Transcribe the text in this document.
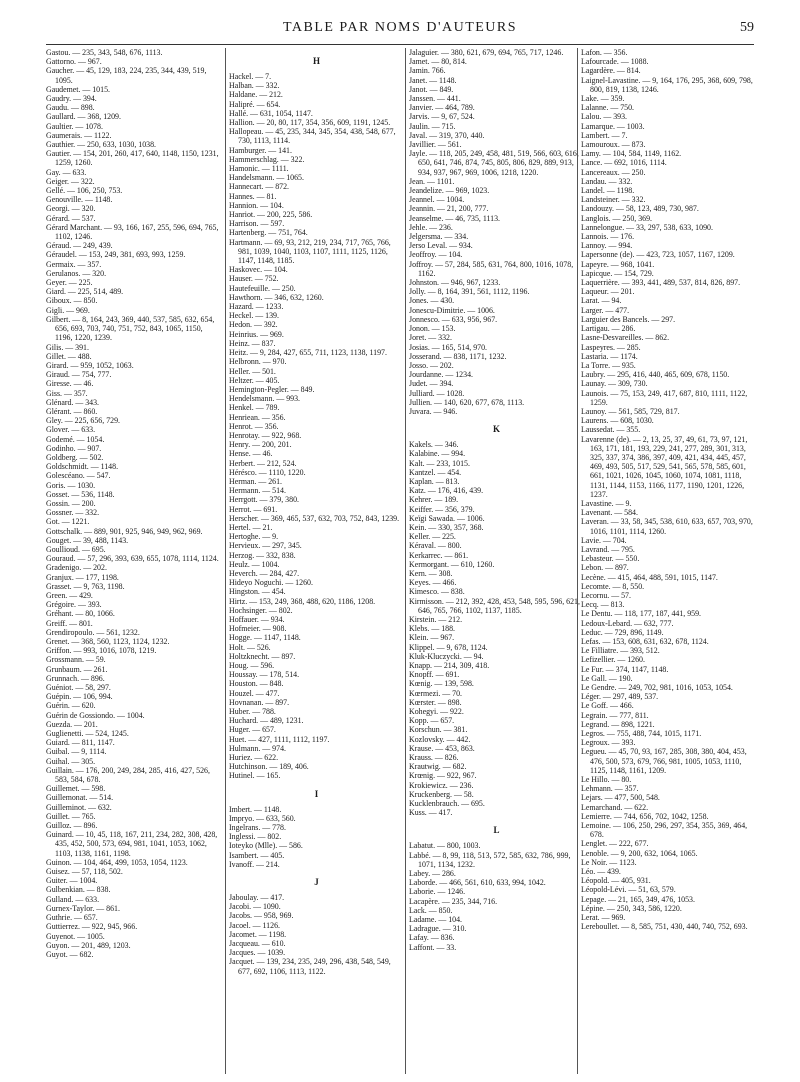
TABLE PAR NOMS D'AUTEURS	59

Gastou. — 235, 343, 548, 676, 1113.

Gattorno. — 967.

Gaucher. — 45, 129, 183, 224, 235, 344, 439, 519, 1095.

Gaudemet. — 1015.

Gaudry. — 394.

Gaudu. — 898.

Gaullard. — 368, 1209.

Gaultier. — 1078.

Gaumerais. — 1122.

Gauthier. — 250, 633, 1030, 1038.

Gautier. — 154, 201, 260, 417, 640, 1148, 1150, 1231, 1259, 1260.

Gay. — 633.

Geiger. — 322.

Gellé. — 106, 250, 753.

Genouville. — 1148.

Georgi. — 320.

Gérard. — 537.

Gérard Marchant. — 93, 166, 167, 255, 596, 694, 765, 1102, 1246.

Géraud. — 249, 439.

Géraudel. — 153, 249, 381, 693, 993, 1259.

Germaix. — 357.

Gerulanos. — 320.

Geyer. — 225.

Giard. — 225, 514, 489.

Giboux. — 850.

Gigli. — 969.

Gilbert. — 8, 164, 243, 369, 440, 537, 585, 632, 654, 656, 693, 703, 740, 751, 752, 843, 1065, 1150, 1196, 1220, 1239.

Gilis. — 391.

Gillet. — 488.

Girard. — 959, 1052, 1063.

Giraud. — 754, 777.

Giresse. — 46.

Giss. — 357.

Glénard. — 343.

Glérant. — 860.

Gley. — 225, 656, 729.

Glover. — 633.

Godemé. — 1054.

Godinho. — 907.

Goldberg. — 502.

Goldschmidt. — 1148.

Golescéano. — 547.

Goris. — 1030.

Gosset. — 536, 1148.

Gossin. — 200.

Gossner. — 332.

Got. — 1221.

Gottschalk. — 889, 901, 925, 946, 949, 962, 969.

Gouget. — 39, 488, 1143.

Goullioud. — 695.

Gouraud. — 57, 296, 393, 639, 655, 1078, 1114, 1124.

Gradenigo. — 202.

Granjux. — 177, 1198.

Grasset. — 9, 763, 1198.

Green. — 429.

Grégoire. — 393.

Gréhant. — 80, 1066.

Greiff. — 801.

Grendiropoulo. — 561, 1232.

Grenet. — 368, 560, 1123, 1124, 1232.

Griffon. — 993, 1016, 1078, 1219.

Grossmann. — 59.

Grunbaum. — 261.

Grunnach. — 896.

Guéniot. — 58, 297.

Guépin. — 106, 994.

Guérin. — 620.

Guérin de Gossiondo. — 1004.

Guezda. — 201.

Guglienetti. — 524, 1245.

Guiard. — 811, 1147.

Guibal. — 9, 1114.

Guihal. — 305.

Guillain. — 176, 200, 249, 284, 285, 416, 427, 526, 583, 584, 678.

Guillemet. — 598.

Guillemonat. — 514.

Guilleminot. — 632.

Guillet. — 765.

Guilloz. — 896.

Guinard. — 10, 45, 118, 167, 211, 234, 282, 308, 428, 435, 452, 500, 573, 694, 981, 1041, 1053, 1062, 1103, 1138, 1161, 1198.

Guinon. — 104, 464, 499, 1053, 1054, 1123.

Guisez. — 57, 118, 502.

Guiter. — 1004.

Gulbenkian. — 838.

Gulland. — 633.

Gurnex-Taylor. — 861.

Guthrie. — 657.

Guttierrez. — 922, 945, 966.

Guyenot. — 1005.

Guyon. — 201, 489, 1203.

Guyot. — 682.

H

Hackel. — 7.

Halban. — 332.

Haldane. — 212.

Halipré. — 654.

Hallé. — 631, 1054, 1147.

Hallion. — 20, 80, 117, 354, 356, 609, 1191, 1245.

Hallopeau. — 45, 235, 344, 345, 354, 438, 548, 677, 730, 1113, 1114.

Hamburger. — 141.

Hammerschlag. — 322.

Hamonic. — 1111.

Handelsmann. — 1065.

Hannecart. — 872.

Hannes. — 81.

Hannion. — 104.

Hanriot. — 200, 225, 586.

Harrison. — 597.

Hartenberg. — 751, 764.

Hartmann. — 69, 93, 212, 219, 234, 717, 765, 766, 981, 1039, 1040, 1103, 1107, 1111, 1125, 1126, 1147, 1148, 1185.

Haskovec. — 104.

Hauser. — 752.

Hautefeuille. — 250.

Hawthorn. — 346, 632, 1260.

Hazard. — 1233.

Heckel. — 139.

Hedon. — 392.

Heinrius. — 969.

Heinz. — 837.

Heitz. — 9, 284, 427, 655, 711, 1123, 1138, 1197.

Helbronn. — 970.

Heller. — 501.

Heltzer. — 405.

Hemington-Pegler. — 849.

Hendelsmann. — 993.

Henkel. — 789.

Henriean. — 356.

Henrot. — 356.

Henrotay. — 922, 968.

Henry. — 200, 201.

Hense. — 46.

Herbert. — 212, 524.

Hérésco. — 1110, 1220.

Herman. — 261.

Hermann. — 514.

Herrgott. — 379, 380.

Herrot. — 691.

Herscher. — 369, 465, 537, 632, 703, 752, 843, 1239.

Hertel. — 21.

Hertoghe. — 9.

Hervieux. — 297, 345.

Herzog. — 332, 838.

Heulz. — 1004.

Heverch. — 284, 427.

Hideyo Noguchi. — 1260.

Hingston. — 454.

Hirtz. — 153, 249, 368, 488, 620, 1186, 1208.

Hochsinger. — 802.

Hoffauer. — 934.

Hofmeier. — 908.

Hogge. — 1147, 1148.

Holt. — 526.

Holtzknecht. — 897.

Houg. — 596.

Houssay. — 178, 514.

Houston. — 848.

Houzel. — 477.

Hovnanan. — 897.

Huber. — 788.

Huchard. — 489, 1231.

Huger. — 657.

Huet. — 427, 1111, 1112, 1197.

Hulmann. — 974.

Huriez. — 622.

Hutchinson. — 189, 406.

Hutinel. — 165.

I

Imbert. — 1148.

Impryo. — 633, 560.

Ingelrans. — 778.

Inglessi. — 802.

Ioteyko (Mlle). — 586.

Isambert. — 405.

Ivanoff. — 214.

J

Jaboulay. — 417.

Jacobi. — 1090.

Jacobs. — 958, 969.

Jacoel. — 1126.

Jacomet. — 1198.

Jacqueau. — 610.

Jacques. — 1039.

Jacquet. — 139, 234, 235, 249, 296, 438, 548, 549, 677, 692, 1106, 1113, 1122.

Jalaguier. — 380, 621, 679, 694, 765, 717, 1246.

Jamet. — 80, 814.

Jamin. 766.

Janet. — 1148.

Janot. — 849.

Janssen. — 441.

Janvier. — 464, 789.

Jarvis. — 9, 67, 524.

Jaulin. — 715.

Javal. — 319, 370, 440.

Javillier. — 561.

Jayle. — 118, 205, 249, 458, 481, 519, 566, 603, 616, 650, 641, 746, 874, 745, 805, 806, 829, 889, 913, 934, 937, 967, 969, 1006, 1218, 1220.

Jean. — 1101.

Jeandelize. — 969, 1023.

Jeannel. — 1004.

Jeannin. — 21, 200, 777.

Jeanselme. — 46, 735, 1113.

Jehle. — 236.

Jelgersma. — 334.

Jerso Leval. — 934.

Jeoffroy. — 104.

Joffroy. — 57, 284, 585, 631, 764, 800, 1016, 1078, 1162.

Johnston. — 946, 967, 1233.

Jolly. — 8, 164, 391, 561, 1112, 1196.

Jones. — 430.

Jonescu-Dimitrie. — 1006.

Jonnesco. — 633, 956, 967.

Jonon. — 153.

Joret. — 332.

Josias. — 165, 514, 970.

Josserand. — 838, 1171, 1232.

Josso. — 202.

Jourdanne. — 1234.

Judet. — 394.

Julliard. — 1028.

Jullien. — 140, 620, 677, 678, 1113.

Juvara. — 946.

K

Kakels. — 346.

Kalabine. — 994.

Kalt. — 233, 1015.

Kantzel. — 454.

Kaplan. — 813.

Katz. — 176, 416, 439.

Kehrer. — 189.

Keiffer. — 356, 379.

Keïgi Sawada. — 1006.

Kein. — 330, 357, 368.

Keller. — 225.

Kéraval. — 800.

Kerkarrec. — 861.

Kermorgant. — 610, 1260.

Kern. — 308.

Keyes. — 466.

Kimesco. — 838.

Kirmisson. — 212, 392, 428, 453, 548, 595, 596, 621, 646, 765, 766, 1102, 1137, 1185.

Kirstein. — 212.

Klebs. — 188.

Klein. — 967.

Klippel. — 9, 678, 1124.

Kluk-Kluczycki. — 94.

Knapp. — 214, 309, 418.

Knopff. — 691.

Kœnig. — 139, 598.

Kœrmezi. — 70.

Kœrster. — 898.

Kohegyi. — 922.

Kopp. — 657.

Korschun. — 381.

Kozlovsky. — 442.

Krause. — 453, 863.

Krauss. — 826.

Krautwig. — 682.

Krœnig. — 922, 967.

Krokiewicz. — 236.

Kruckenberg. — 58.

Kucklenbrauch. — 695.

Kuss. — 417.

L

Labatut. — 800, 1003.

Labbé. — 8, 99, 118, 513, 572, 585, 632, 786, 999, 1071, 1134, 1232.

Labey. — 286.

Laborde. — 466, 561, 610, 633, 994, 1042.

Laborie. — 1246.

Lacapère. — 235, 344, 716.

Lack. — 850.

Ladame. — 104.

Ladrague. — 310.

Lafay. — 836.

Laffont. — 33.

Lafon. — 356.

Lafourcade. — 1088.

Lagardère. — 814.

Laignel-Lavastine. — 9, 164, 176, 295, 368, 609, 798, 800, 819, 1138, 1246.

Lake. — 359.

Lalanne. — 750.

Lalou. — 393.

Lamarque. — 1003.

Lambert. — 7.

Lamouroux. — 873.

Lamy. — 104, 584, 1149, 1162.

Lance. — 692, 1016, 1114.

Lancereaux. — 250.

Landau. — 332.

Landel. — 1198.

Landsteiner. — 332.

Landouzy. — 58, 123, 489, 730, 987.

Langlois. — 250, 369.

Lannelongue. — 33, 297, 538, 633, 1090.

Lannois. — 176.

Lannoy. — 994.

Lapersonne (de). — 423, 723, 1057, 1167, 1209.

Lapeyre. — 968, 1041.

Lapicque. — 154, 729.

Laquerrière. — 393, 441, 489, 537, 814, 826, 897.

Laqueur. — 201.

Larat. — 94.

Larger. — 477.

Larguier des Bancels. — 297.

Lartigau. — 286.

Lasne-Desvareilles. — 862.

Laspeyres. — 285.

Lastaria. — 1174.

La Torre. — 935.

Laubry. — 295, 416, 440, 465, 609, 678, 1150.

Launay. — 309, 730.

Launois. — 75, 153, 249, 417, 687, 810, 1111, 1122, 1259.

Launoy. — 561, 585, 729, 817.

Laurens. — 608, 1030.

Laussedat. — 355.

Lavarenne (de). — 2, 13, 25, 37, 49, 61, 73, 97, 121, 163, 171, 181, 193, 229, 241, 277, 289, 301, 313, 325, 337, 374, 386, 397, 409, 421, 434, 445, 457, 469, 493, 505, 517, 529, 541, 565, 578, 585, 601, 661, 1021, 1026, 1045, 1060, 1074, 1081, 1118, 1131, 1144, 1153, 1166, 1177, 1190, 1201, 1226, 1237.

Lavastine. — 9.

Lavenant. — 584.

Laveran. — 33, 58, 345, 538, 610, 633, 657, 703, 970, 1016, 1101, 1114, 1260.

Lavie. — 704.

Lavrand. — 795.

Lebasteur. — 550.

Lebon. — 897.

Lecène. — 415, 464, 488, 591, 1015, 1147.

Lecomte. — 8, 550.

Lecornu. — 57.

Lecq. — 813.

Le Dentu. — 118, 177, 187, 441, 959.

Ledoux-Lebard. — 632, 777.

Leduc. — 729, 896, 1149.

Lefas. — 153, 608, 631, 632, 678, 1124.

Le Filliatre. — 393, 512.

Lefizellier. — 1260.

Le Fur. — 374, 1147, 1148.

Le Gall. — 190.

Le Gendre. — 249, 702, 981, 1016, 1053, 1054.

Léger. — 297, 489, 537.

Le Goff. — 466.

Legrain. — 777, 811.

Legrand. — 898, 1221.

Legros. — 755, 488, 744, 1015, 1171.

Legroux. — 393.

Legueu. — 45, 70, 93, 167, 285, 308, 380, 404, 453, 476, 500, 573, 679, 766, 981, 1005, 1053, 1110, 1125, 1148, 1161, 1209.

Le Hillo. — 80.

Lehmann. — 357.

Lejars. — 477, 500, 548.

Lemarchand. — 622.

Lemierre. — 744, 656, 702, 1042, 1258.

Lemoine. — 106, 250, 296, 297, 354, 355, 369, 464, 678.

Lenglet. — 222, 677.

Lenoble. — 9, 200, 632, 1064, 1065.

Le Noir. — 1123.

Léo. — 439.

Léopold. — 405, 931.

Léopold-Lévi. — 51, 63, 579.

Lepage. — 21, 165, 349, 476, 1053.

Lépine. — 250, 343, 586, 1220.

Lerat. — 969.

Lereboullet. — 8, 585, 751, 430, 440, 740, 752, 693.
